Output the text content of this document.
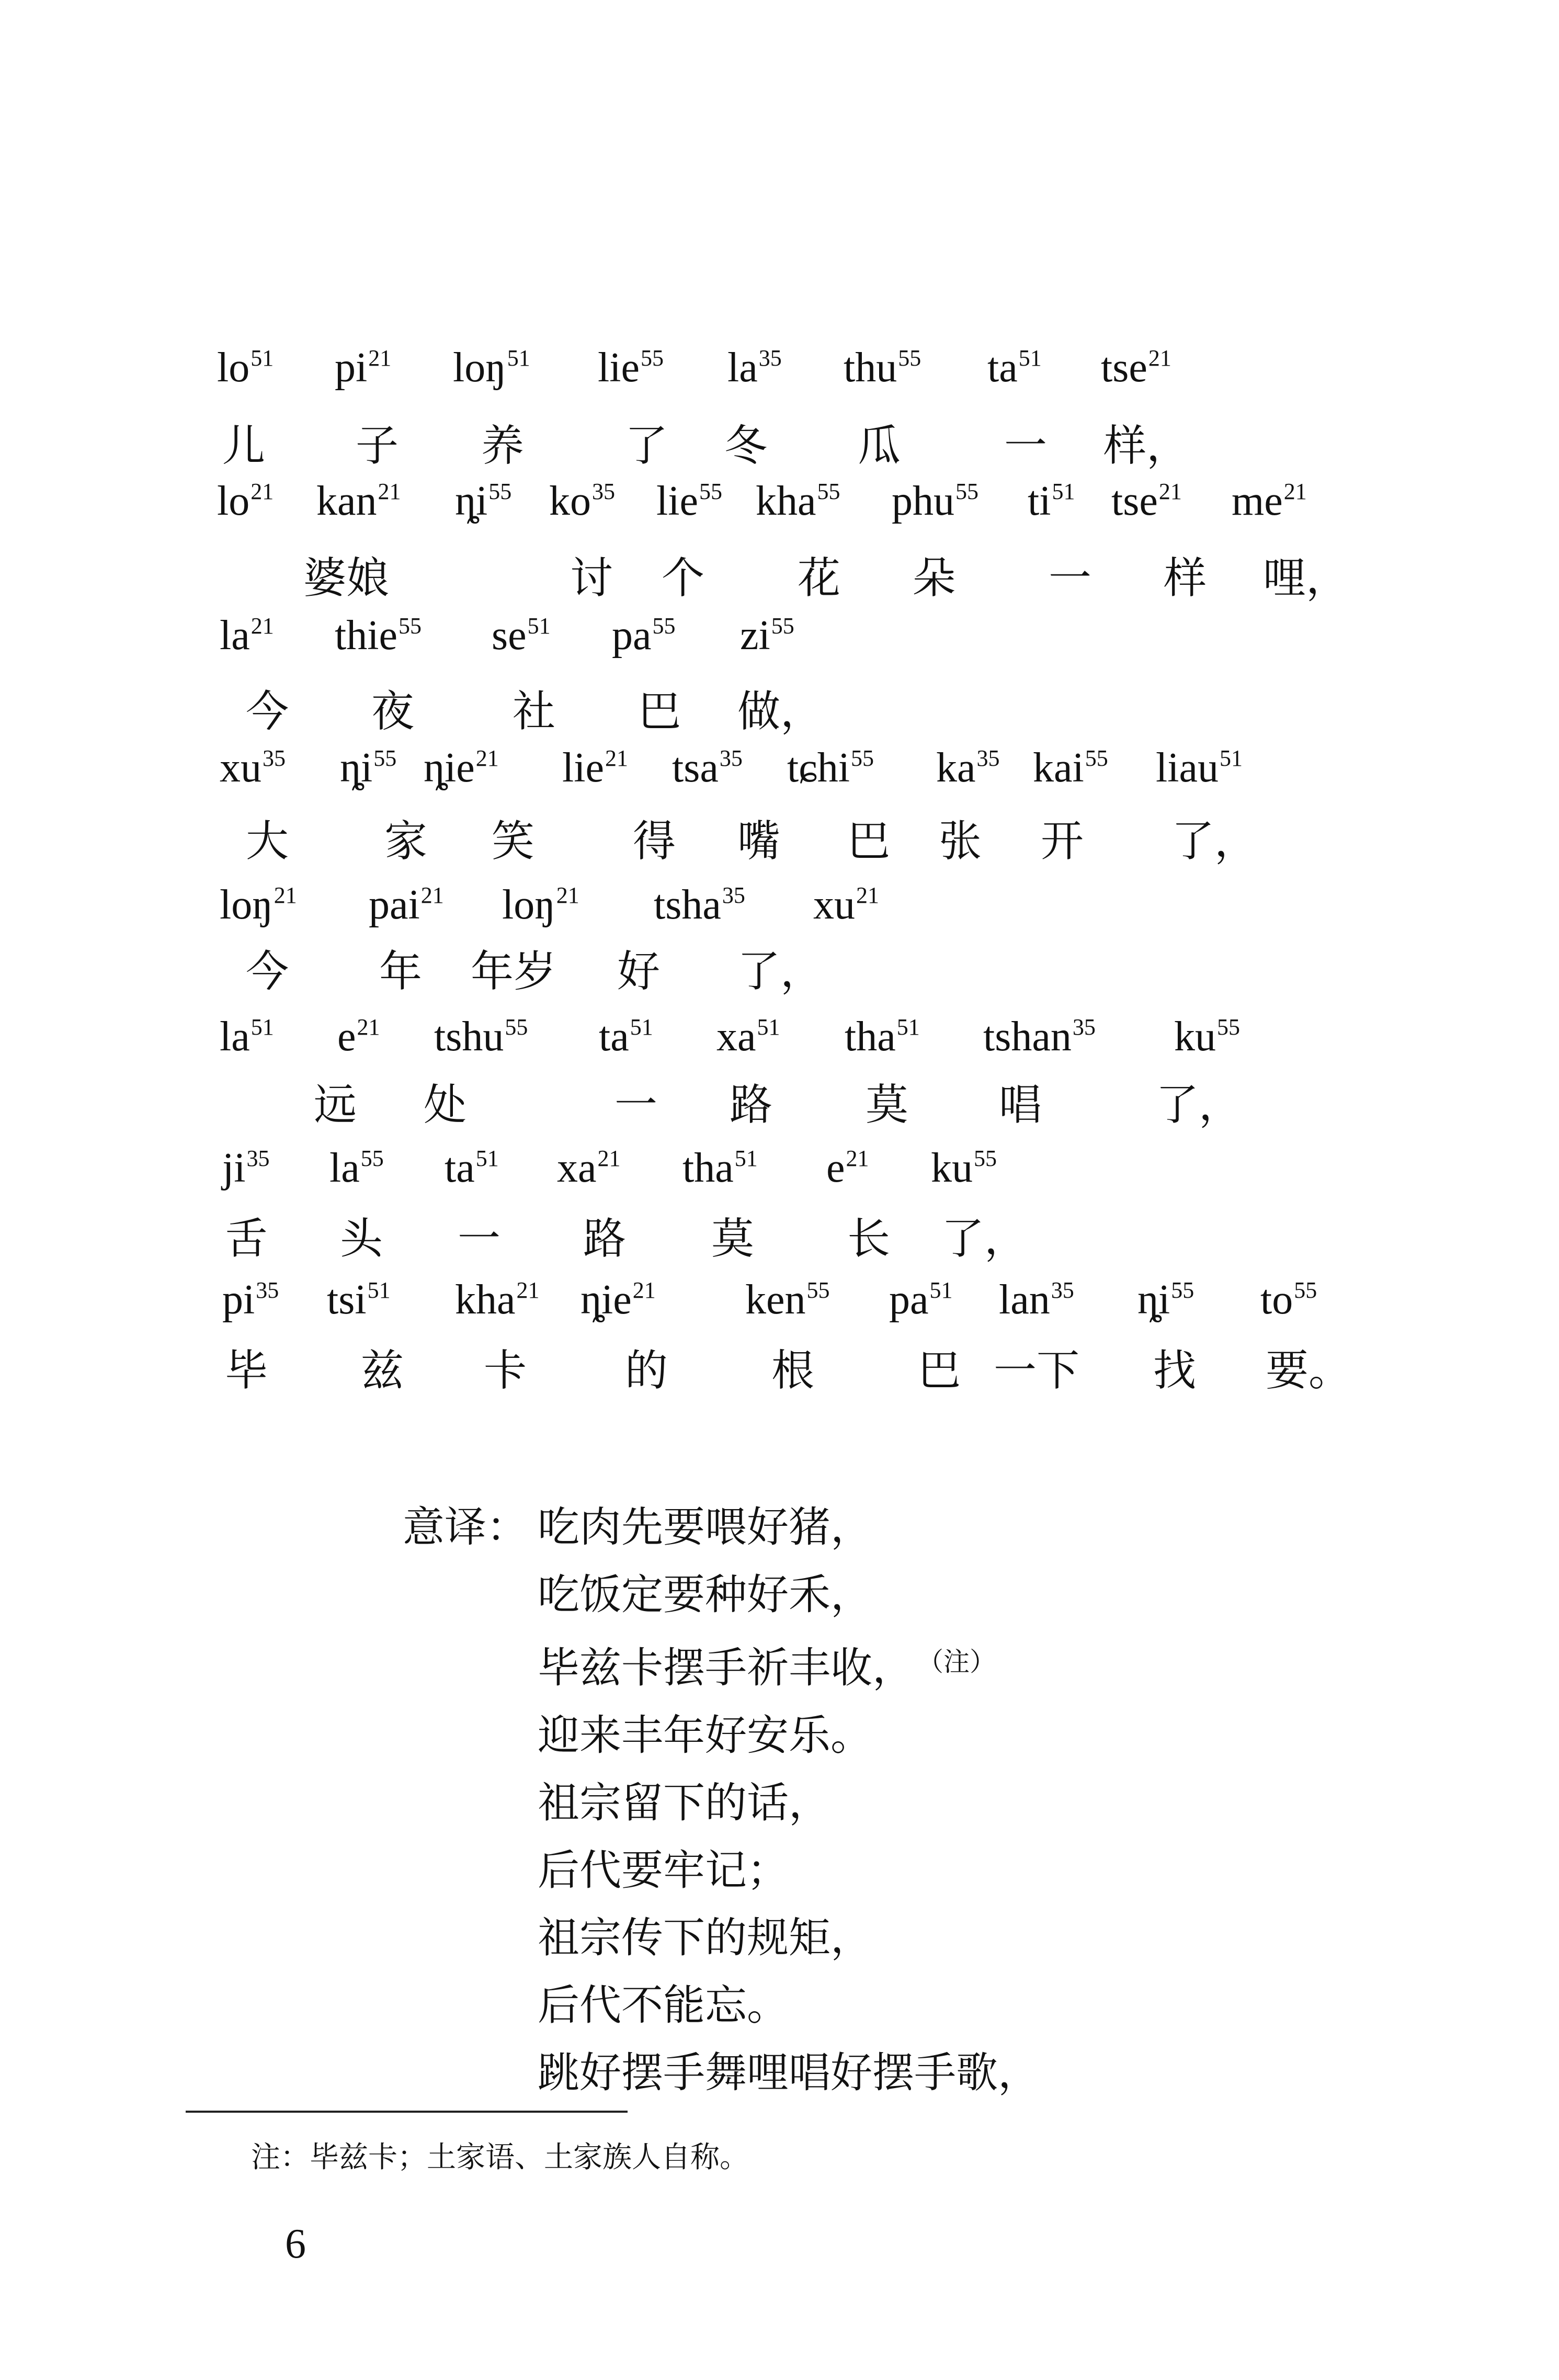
$lo^{51}$ $pi^{21}$ loŋ$^{51}$ lie$^{55}$ $la^{35}$ thu$^{55}$ $ta^{51}$ tse$^{21}$
儿 子 养 了 冬 瓜 一 样，
$lo^{21}$ kan$^{21}$ $ȵi^{55}$ $ko^{35}$ lie$^{55}$ kha$^{55}$ phu$^{55}$ $ti^{51}$ tse$^{21}$ $me^{21}$
婆娘	讨 个 花 朵 一 样 哩，
$la^{21}$ thie$^{55}$ $se^{51}$ $pa^{55}$ $zi^{55}$
今 夜 社 巴 做，
$xu^{35}$ $ȵi^{55}$ ȵie$^{21}$ lie$^{21}$ tsa$^{35}$ tɕhi$^{55}$ $ka^{35}$ kai$^{55}$ liau$^{51}$
大 家 笑 得 嘴 巴 张 开 了，
loŋ$^{21}$ pai$^{21}$ loŋ$^{21}$ tsha$^{35}$ $xu^{21}$
今 年 年岁 好 了，
$la^{51}$ $e^{21}$ tshu$^{55}$ $ta^{51}$ $xa^{51}$ tha$^{51}$ tshan$^{35}$ $ku^{55}$
远 处	一 路 莫 唱	了，
$ji^{35}$ $la^{55}$ $ta^{51}$ $xa^{21}$ tha$^{51}$ $e^{21}$ $ku^{55}$
舌 头 一 路 莫 长 了，
$pi^{35}$ tsi$^{51}$ kha$^{21}$ ȵie$^{21}$ ken$^{55}$ $pa^{51}$ lan$^{35}$ $ȵi^{55}$ $to^{55}$
毕 兹 卡 的 根 巴 一下 找 要。
意译： 吃肉先要喂好猪，
吃饭定要种好禾，
毕兹卡摆手祈丰收， $^{(注)}$
迎来丰年好安乐。
祖宗留下的话，
后代要牢记；
祖宗传下的规矩，
后代不能忘。
跳好摆手舞哩唱好摆手歌，
注：毕兹卡；土家语、土家族人自称。
6
